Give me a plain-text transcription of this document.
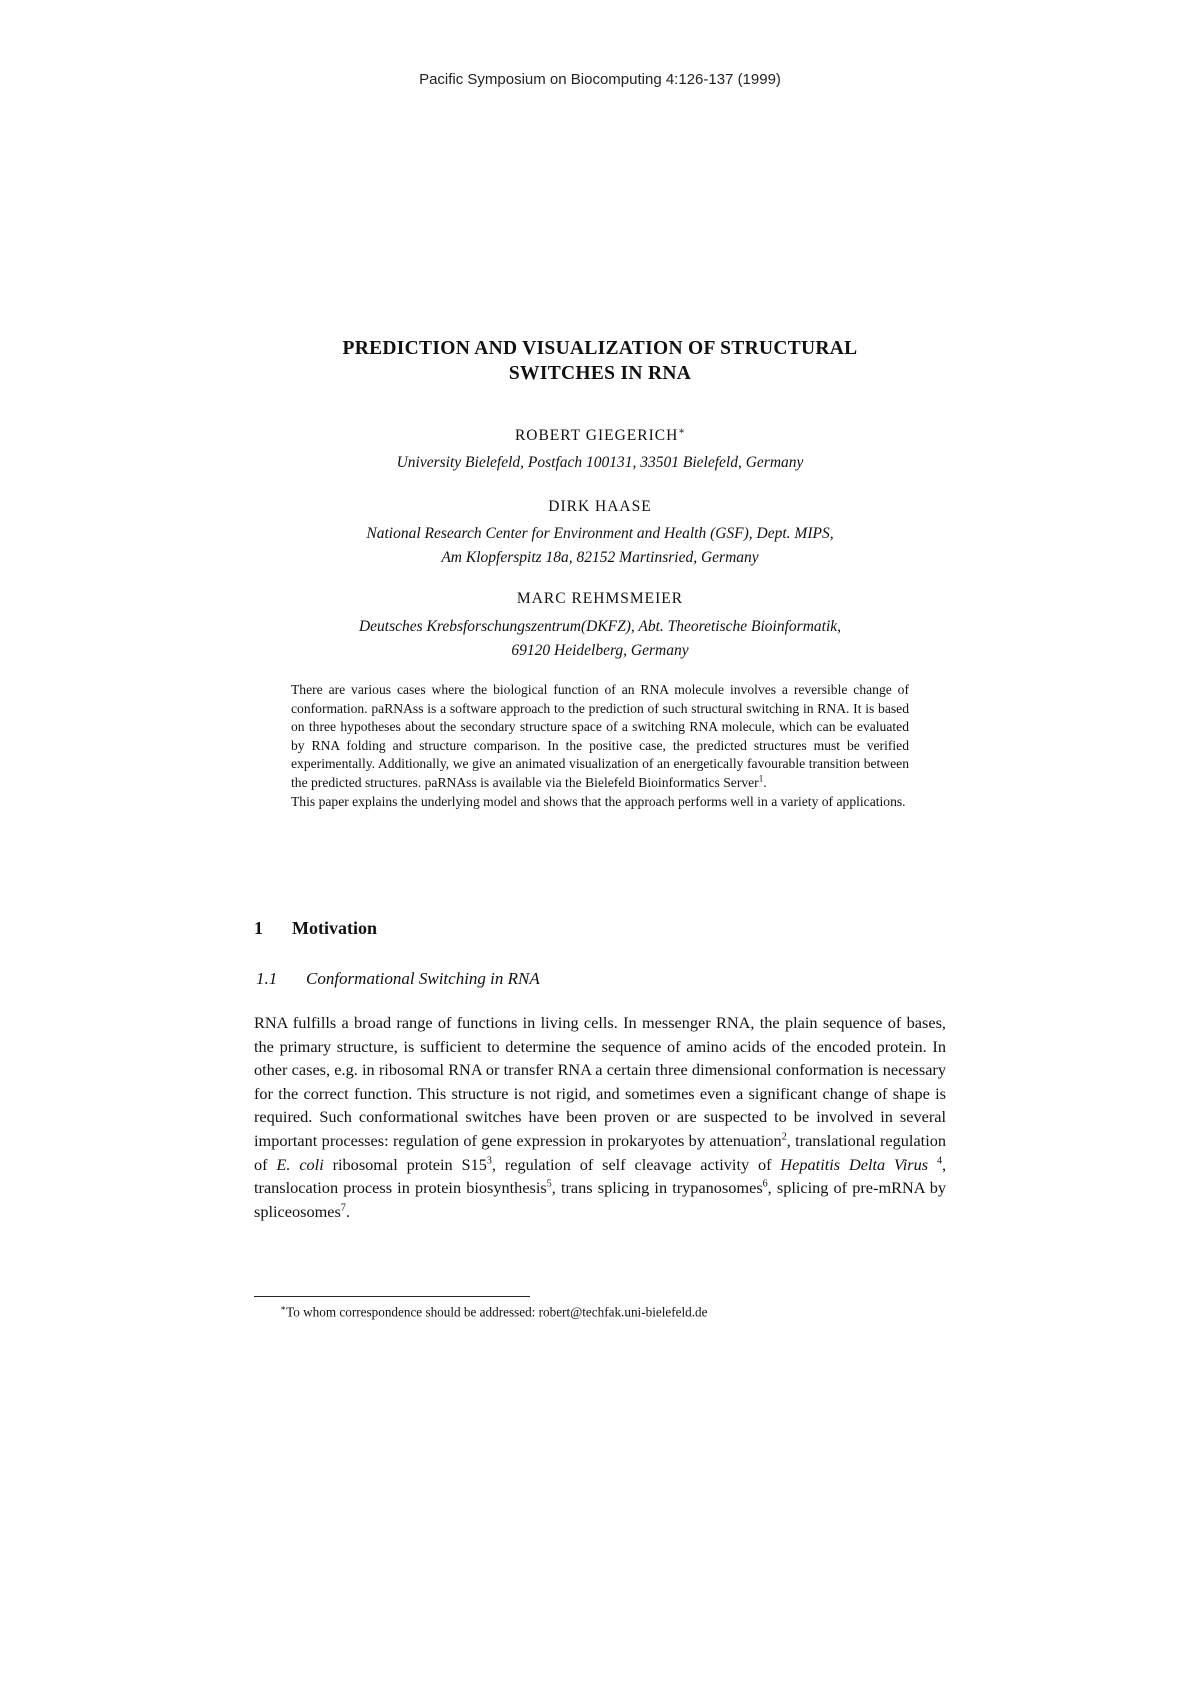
Pacific Symposium on Biocomputing 4:126-137 (1999)
PREDICTION AND VISUALIZATION OF STRUCTURAL
SWITCHES IN RNA
ROBERT GIEGERICH∗
University Bielefeld, Postfach 100131, 33501 Bielefeld, Germany
DIRK HAASE
National Research Center for Environment and Health (GSF), Dept. MIPS,
Am Klopferspitz 18a, 82152 Martinsried, Germany
MARC REHMSMEIER
Deutsches Krebsforschungszentrum(DKFZ), Abt. Theoretische Bioinformatik,
69120 Heidelberg, Germany

There are various cases where the biological function of an RNA molecule involves a reversible change of conformation. paRNAss is a software approach to the prediction of such structural switching in RNA. It is based on three hypotheses about the secondary structure space of a switching RNA molecule, which can be evaluated by RNA folding and structure comparison. In the positive case, the predicted structures must be verified experimentally. Additionally, we give an animated visualization of an energetically favourable transition between the predicted structures. paRNAss is available via the Bielefeld Bioinformatics Server$^1$.

This paper explains the underlying model and shows that the approach performs well in a variety of applications.

1 Motivation
1.1 Conformational Switching in RNA

RNA fulfills a broad range of functions in living cells. In messenger RNA, the plain sequence of bases, the primary structure, is sufficient to determine the sequence of amino acids of the encoded protein. In other cases, e.g. in ribosomal RNA or transfer RNA a certain three dimensional conformation is necessary for the correct function. This structure is not rigid, and sometimes even a significant change of shape is required. Such conformational switches have been proven or are suspected to be involved in several important processes: regulation of gene expression in prokaryotes by attenuation$^2$, translational regulation of E. coli ribosomal protein $S15^3$, regulation of self cleavage activity of Hepatitis Delta Virus $^4$, translocation process in protein biosynthesis$^5$, trans splicing in trypanosomes$^6$, splicing of pre-mRNA by spliceosomes$^7$.

∗To whom correspondence should be addressed: robert@techfak.uni-bielefeld.de
